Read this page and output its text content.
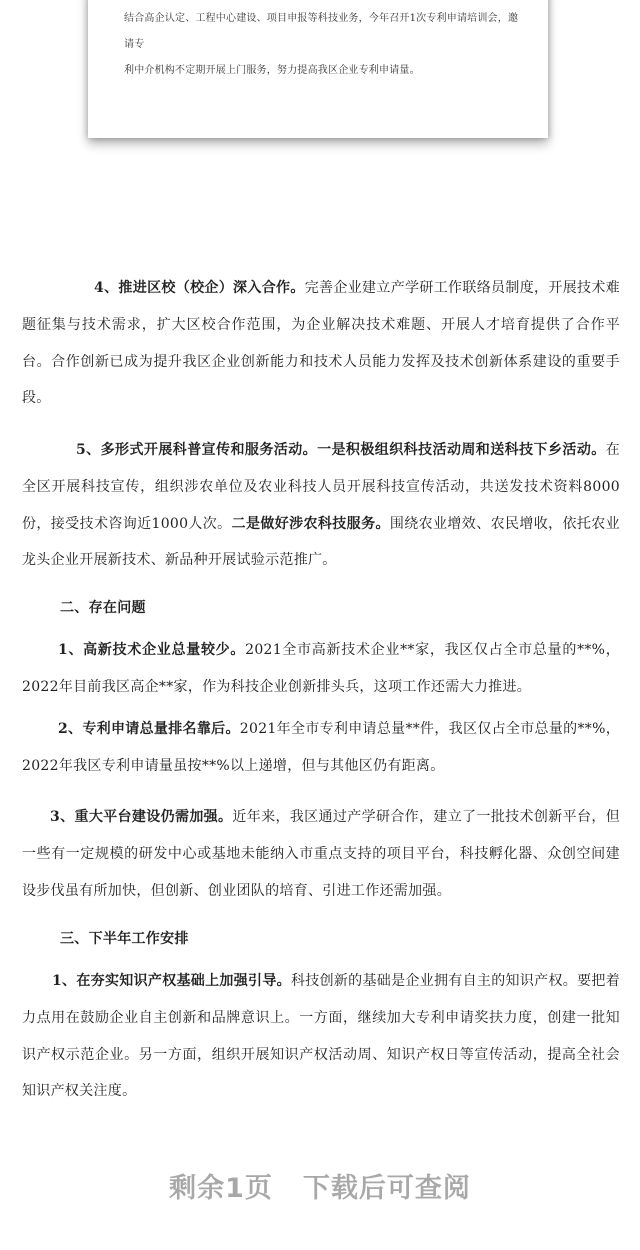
结合高企认定、工程中心建设、项目申报等科技业务，今年召开1次专利申请培训会，邀请专

利中介机构不定期开展上门服务，努力提高我区企业专利申请量。

4、推进区校（校企）深入合作。完善企业建立产学研工作联络员制度，开展技术难题征集与技术需求，扩大区校合作范围，为企业解决技术难题、开展人才培育提供了合作平台。合作创新已成为提升我区企业创新能力和技术人员能力发挥及技术创新体系建设的重要手段。

5、多形式开展科普宣传和服务活动。一是积极组织科技活动周和送科技下乡活动。在全区开展科技宣传，组织涉农单位及农业科技人员开展科技宣传活动，共送发技术资料8000份，接受技术咨询近1000人次。二是做好涉农科技服务。围绕农业增效、农民增收，依托农业龙头企业开展新技术、新品种开展试验示范推广。

二、存在问题

1、高新技术企业总量较少。2021全市高新技术企业**家，我区仅占全市总量的**%，2022年目前我区高企**家，作为科技企业创新排头兵，这项工作还需大力推进。

2、专利申请总量排名靠后。2021年全市专利申请总量**件，我区仅占全市总量的**%，2022年我区专利申请量虽按**%以上递增，但与其他区仍有距离。

3、重大平台建设仍需加强。近年来，我区通过产学研合作，建立了一批技术创新平台，但一些有一定规模的研发中心或基地未能纳入市重点支持的项目平台，科技孵化器、众创空间建设步伐虽有所加快，但创新、创业团队的培育、引进工作还需加强。

三、下半年工作安排

1、在夯实知识产权基础上加强引导。科技创新的基础是企业拥有自主的知识产权。要把着力点用在鼓励企业自主创新和品牌意识上。一方面，继续加大专利申请奖扶力度，创建一批知识产权示范企业。另一方面，组织开展知识产权活动周、知识产权日等宣传活动，提高全社会知识产权关注度。

剩余1页 下载后可查阅
